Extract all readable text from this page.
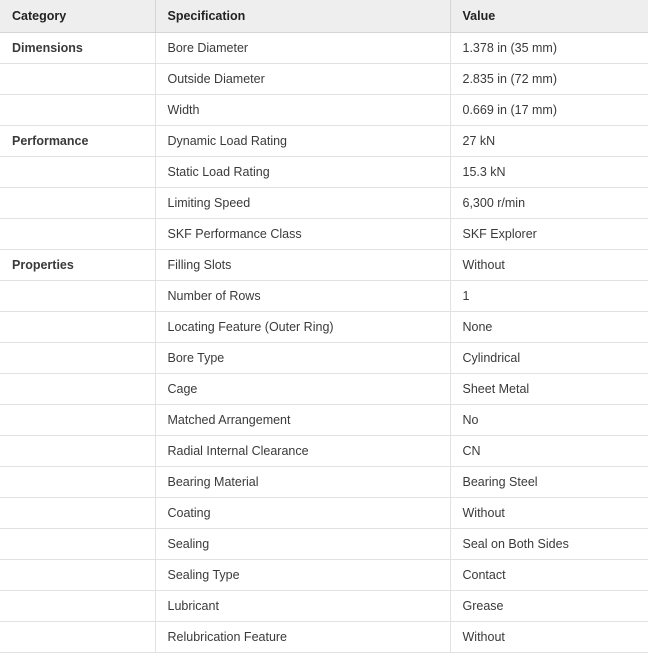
Category	Specification	Value
Dimensions	Bore Diameter	1.378 in (35 mm)
	Outside Diameter	2.835 in (72 mm)
	Width	0.669 in (17 mm)
Performance	Dynamic Load Rating	27 kN
	Static Load Rating	15.3 kN
	Limiting Speed	6,300 r/min
	SKF Performance Class	SKF Explorer
Properties	Filling Slots	Without
	Number of Rows	1
	Locating Feature (Outer Ring)	None
	Bore Type	Cylindrical
	Cage	Sheet Metal
	Matched Arrangement	No
	Radial Internal Clearance	CN
	Bearing Material	Bearing Steel
	Coating	Without
	Sealing	Seal on Both Sides
	Sealing Type	Contact
	Lubricant	Grease
	Relubrication Feature	Without
